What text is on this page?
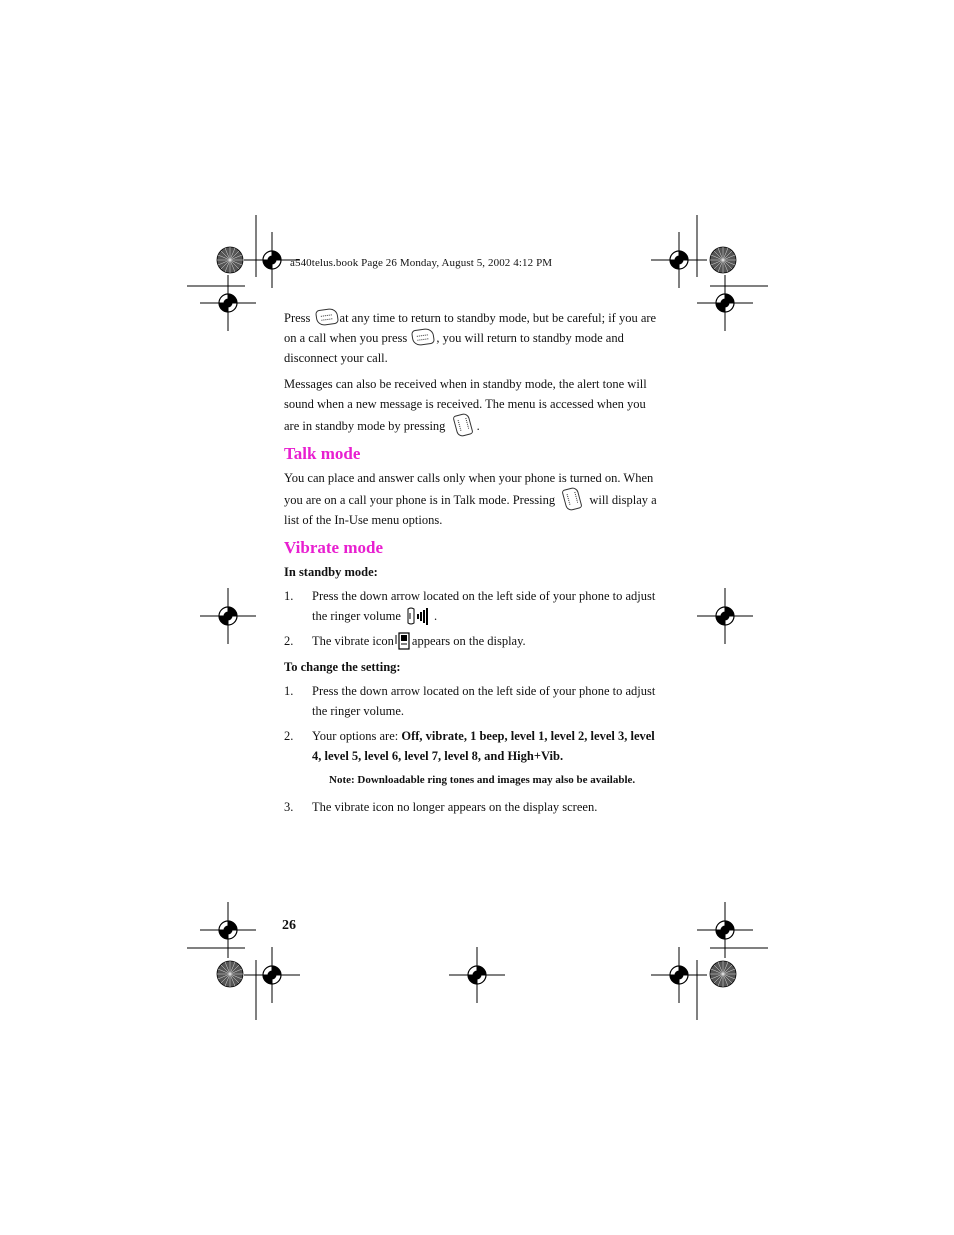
a540telus.book Page 26 Monday, August 5, 2002 4:12 PM

Press at any time to return to standby mode, but be careful; if you are on a call when you press , you will return to standby mode and disconnect your call.

Messages can also be received when in standby mode, the alert tone will sound when a new message is received. The menu is accessed when you are in standby mode by pressing .

Talk mode

You can place and answer calls only when your phone is turned on. When you are on a call your phone is in Talk mode. Pressing	will display a list of the In-Use menu options.

Vibrate mode
In standby mode:
1. Press the down arrow located on the left side of your phone to adjust the ringer volume	.
2. The vibrate icon appears on the display.
To change the setting:
1. Press the down arrow located on the left side of your phone to adjust the ringer volume.
2. Your options are: Off, vibrate, 1 beep, level 1, level 2, level 3, level 4, level 5, level 6, level 7, level 8, and High+Vib.
Note: Downloadable ring tones and images may also be available.
3. The vibrate icon no longer appears on the display screen.
26
